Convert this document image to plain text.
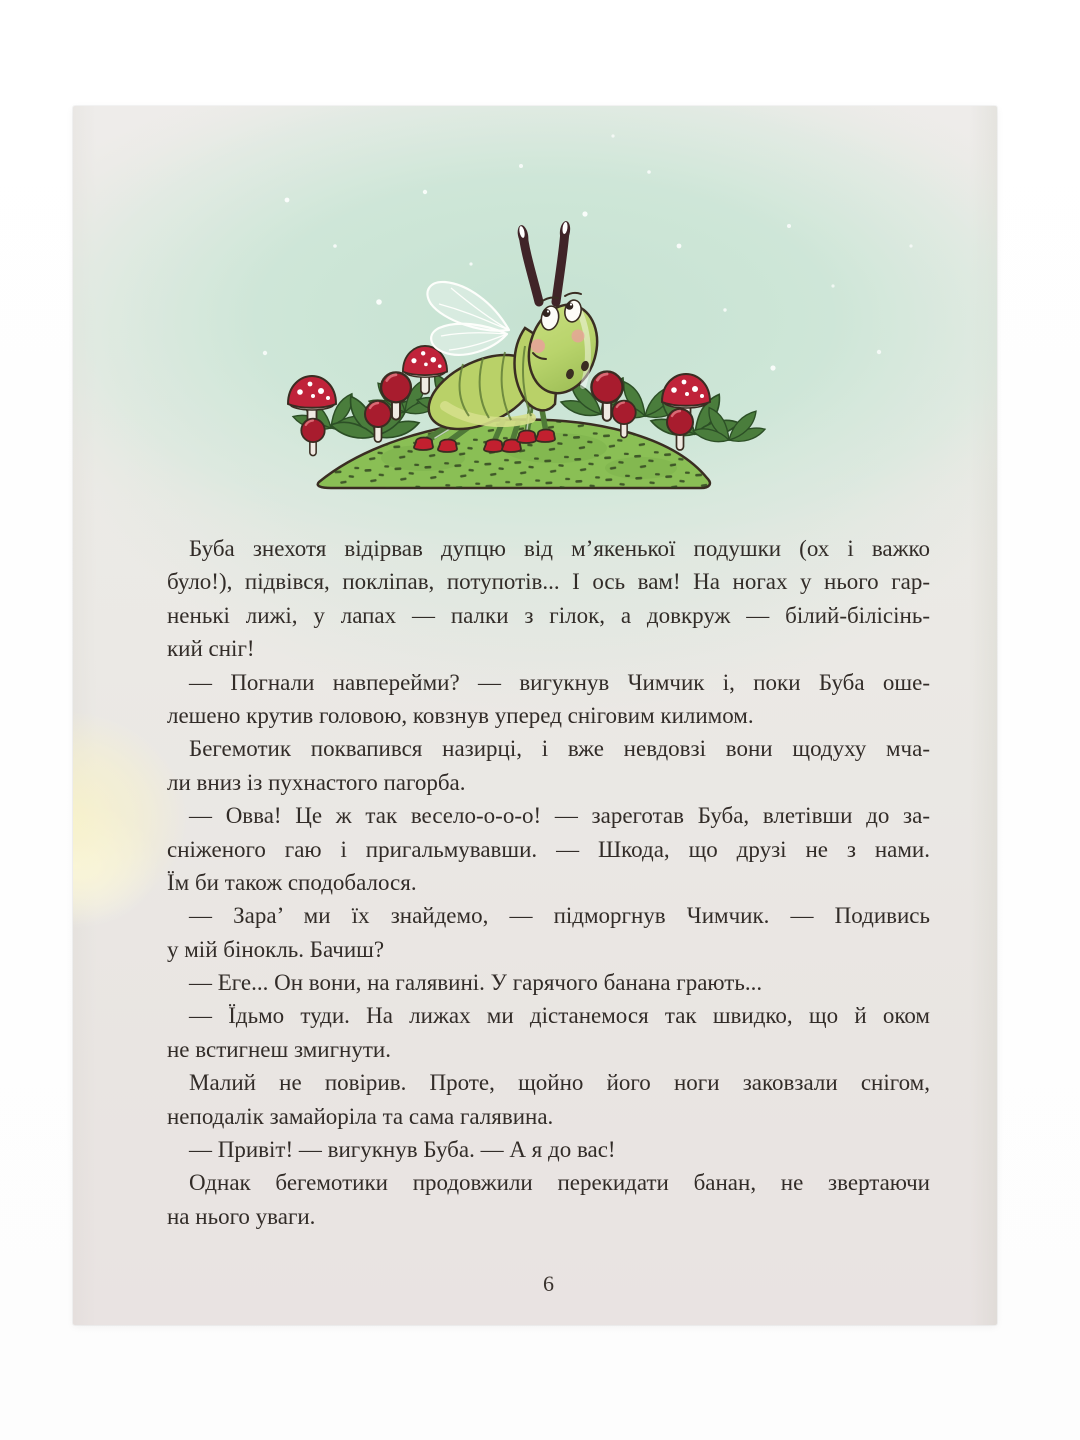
Буба знехотя відірвав дупцю від м’якенької подушки (ох і важко
було!), підвівся, покліпав, потупотів... І ось вам! На ногах у нього гар-
ненькі лижі, у лапах — палки з гілок, а довкруж — білий-білісінь-
кий сніг!
— Погнали навперейми? — вигукнув Чимчик і, поки Буба оше-
лешено крутив головою, ковзнув уперед сніговим килимом.
Бегемотик поквапився назирці, і вже невдовзі вони щодуху мча-
ли вниз із пухнастого пагорба.
— Овва! Це ж так весело-о-о-о! — зареготав Буба, влетівши до за-
сніженого гаю і пригальмувавши. — Шкода, що друзі не з нами.
Їм би також сподобалося.
— Зара’ ми їх знайдемо, — підморгнув Чимчик. — Подивись
у мій бінокль. Бачиш?
— Еге... Он вони, на галявині. У гарячого банана грають...
— Їдьмо туди. На лижах ми дістанемося так швидко, що й оком
не встигнеш змигнути.
Малий не повірив. Проте, щойно його ноги заковзали снігом,
неподалік замайоріла та сама галявина.
— Привіт! — вигукнув Буба. — А я до вас!
Однак бегемотики продовжили перекидати банан, не звертаючи
на нього уваги.
6
